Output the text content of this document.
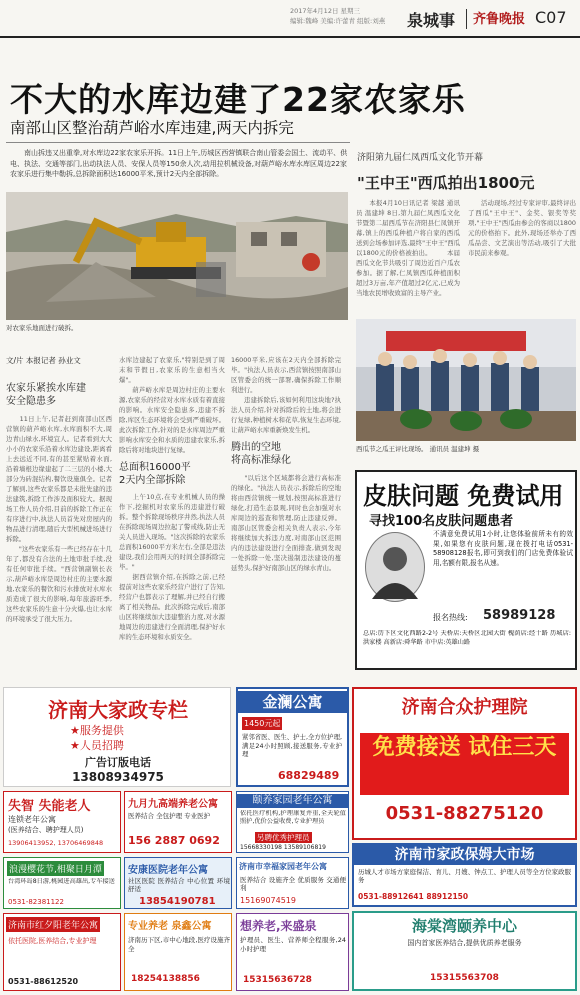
2017年4月12日 星期三
编辑:魏峰 美编:许蕾青 组版:刘燕 泉城事 齐鲁晚报 C07
不大的水库边建了22家农家乐
南部山区整治葫芦峪水库违建,两天内拆完
　　南山拆违又出重拳,对水库边22家农家乐开拆。11日上午,历城区西营镇联合南山管委会国土、流动平、供电、执法、交通等部门,出动执法人员、安保人员等150余人次,动用拉机械设备,对葫芦峪水库水库区周边22家农家乐进行集中勒拆,总拆除面积达16000平米,预计2天内全部拆除。
对农家乐地面进行破拆。
文/片 本报记者 孙业文
农家乐紧挨水库建
安全隐患多
　　11日上午,记者赶到南部山区西营镇的葫芦峪水库,水库面积不大,周边青山绿水,环境宜人。记者看到大大小小的农家乐沿着水库边建设,距离看上去远近不同,有的甚至紧贴着水面,沿着墙根边缘建起了二三层的小楼,大部分为砖混结构,餐饮设施俱全。记者了解到,这些农家乐都是未批先建的违法建筑,拆除工作涉及面积较大。据现场工作人员介绍,目前的拆除工作正在有序进行中,执法人员首先对房屋内的物品进行清理,随后大型机械进场进行拆除。
　　"这些农家乐有一些已经存在十几年了,都没有合法的土地审批手续,没有任何审批手续。"西营镇副镇长表示,葫芦峪水库是周边村庄的主要水源地,农家乐的餐饮和污水排放对水库水质造成了很大的影响,每年旅游旺季,这些农家乐的生意十分火爆,也让水库的环境承受了很大压力。
水库边建起了农家乐,"特别是到了周末和节假日,农家乐的生意相当火爆"。
　　葫芦峪水库是周边村庄的主要水源,农家乐的经营对水库水质有着直接的影响。水库安全隐患多,违建不拆除,库区生态环境将会受到严重破坏。此次拆除工作,针对的是水库周边严重影响水库安全和水质的违建农家乐,拆除后将对地块进行复绿。
总面积16000平
2天内全部拆除
　　上午10点,在专业机械人员的操作下,挖掘机对农家乐的违建进行破拆。整个拆除现场秩序井然,执法人员在拆除现场周边拉起了警戒线,防止无关人员进入现场。"这次拆除的农家乐总面积16000平方米左右,全部是违法建设,我们会用两天的时间全部拆除完毕。"
　　据西营镇介绍,在拆除之前,已经提前对这些农家乐经营户进行了告知,经营户也都表示了理解,并已经自行搬离了相关物品。此次拆除完成后,南部山区将继续加大违建整治力度,对水源地周边的违建进行全面清理,保护好水库的生态环境和水质安全。
16000平米,应该在2天内全部拆除完毕。"执法人员表示,西营镇按照南部山区管委会的统一部署,确保拆除工作顺利进行。
　　违建拆除后,该如何利用这块地?执法人员介绍,针对拆除后的土地,将会进行复绿,种植树木和花草,恢复生态环境,让葫芦峪水库重新焕发生机。
腾出的空地
将高标准绿化
　　"以后这个区域都将会进行高标准的绿化。"执法人员表示,拆除后的空地将由西营镇统一规划,按照高标准进行绿化,打造生态景观,同时也会加强对水库周边的巡查和管理,防止违建反弹。南部山区管委会相关负责人表示,今年将继续加大拆违力度,对南部山区范围内的违法建设进行全面排查,做到发现一处拆除一处,坚决遏制违法建设的蔓延势头,保护好南部山区的绿水青山。
济阳第九届仁凤西瓜文化节开幕
"王中王"西瓜拍出1800元
　　本报4月10日讯记者 梁越 通讯员 温建坤 8日,第九届仁凤西瓜文化节暨第二届西瓜节在济阳县仁凤镇开幕,镇上的西瓜种植户将自家的西瓜送到会场参加评选,最终"王中王"西瓜以1800元的价格被拍出。 　　本届西瓜文化节共吸引了周边近百户瓜农参加。据了解,仁凤镇西瓜种植面积超过3万亩,年产值超过2亿元,已成为当地农民增收致富的主导产业。
　　活动现场,经过专家评审,最终评出了西瓜"王中王"、金奖、银奖等奖项,"王中王"西瓜由参会的客商以1800元的价格拍下。此外,现场还举办了西瓜品尝、文艺演出等活动,吸引了大批市民前来参观。
西瓜节之瓜王评比现场。 通讯员 温建坤 摄
皮肤问题 免费试用
寻找100名皮肤问题患者
不满意免费试用1小时,让您体验前所未有的效果,如果您有皮肤问题,现在拨打电话0531-58908128报名,即可到我们的门店免费体验试用,名额有限,报名从速。
报名热线: 58989128
总店:历下区文化西路2-2号 天桥店:天桥区北园大街 槐荫店:经十路 历城店:洪家楼 高新店:舜华路 市中店:英雄山路
济南大家政专栏
★服务提供
★人员招聘
广告订版电话
13808934975
金澜公寓
1450元起
紧邻省医、医生、护士,全方位护理,满足24小时照顾,接送服务,专业护理
68829489
济南合众护理院
免费接送 试住三天
0531-88275120
失智 失能老人
连锁老年公寓
(医养结合、聘护理人员)
13906413952, 13706469848
浪漫樱花节,相聚日月潭
台湾环岛8日游,桃园进高雄出,专车接送
0531-82381122
济南市红夕阳老年公寓
依托医院,医养结合,专业护理
0531-88612520
九月九高端养老公寓
医养结合 全包护理 专业医护
156 2887 0692
安康医院老年公寓
社区医院 医养结合 中心位置 环境舒适
13854190781
专业养老 泉鑫公寓
济南历下区,市中心地段,医疗设施齐全
18254138856
颐养家园老年公寓
依托医疗机构,护理康复并重,全天轮值照护,优价公益收费,专业护理员
另聘优秀护理员
15668330198 13589106819
济南市幸福家园老年公寓
医养结合 设施齐全 优质服务 交通便利
15169074519
想养老,来盛泉
护理员、医生、营养师全程服务,24小时护理
15315636728
济南市家政保姆大市场
历城人才市场方家庭保洁、育儿、月嫂、钟点工、护理人员等全方位家政服务
0531-88912641 88912150
海棠湾颐养中心
国内首家医养结合,提供优质养老服务
15315563708
